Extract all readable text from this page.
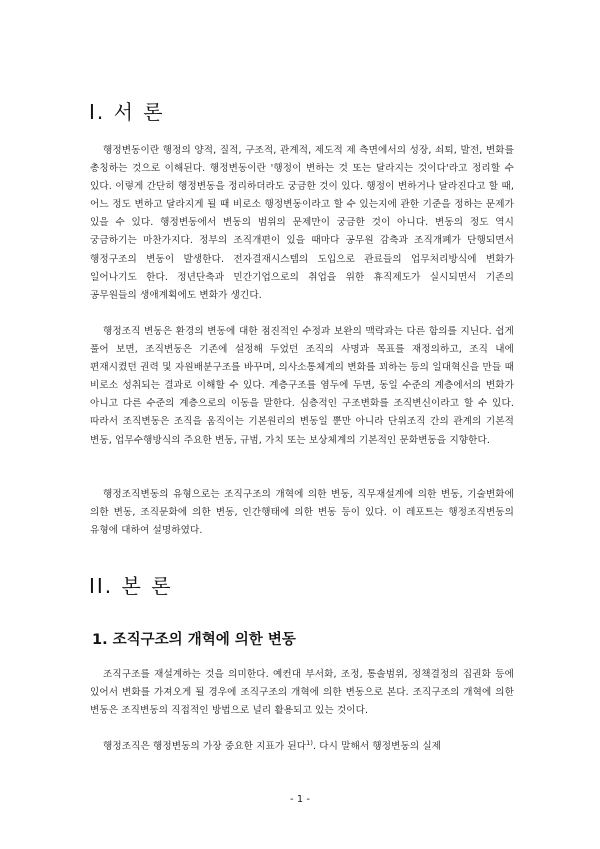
I. 서 론

행정변동이란 행정의 양적, 질적, 구조적, 관계적, 제도적 제 측면에서의 성장, 쇠퇴, 발전, 변화를 총칭하는 것으로 이해된다. 행정변동이란 '행정이 변하는 것 또는 달라지는 것이다'라고 정리할 수 있다. 이렇게 간단히 행정변동을 정리하더라도 궁금한 것이 있다. 행정이 변하거나 달라진다고 할 때, 어느 정도 변하고 달라지게 될 때 비로소 행정변동이라고 할 수 있는지에 관한 기준을 정하는 문제가 있을 수 있다. 행정변동에서 변동의 범위의 문제만이 궁금한 것이 아니다. 변동의 정도 역시 궁금하기는 마찬가지다. 정부의 조직개편이 있을 때마다 공무원 감축과 조직개폐가 단행되면서 행정구조의 변동이 발생한다. 전자결재시스템의 도입으로 관료들의 업무처리방식에 변화가 일어나기도 한다. 정년단축과 민간기업으로의 취업을 위한 휴직제도가 실시되면서 기존의 공무원들의 생애계획에도 변화가 생긴다.

행정조직 변동은 환경의 변동에 대한 점진적인 수정과 보완의 맥락과는 다른 함의를 지닌다. 쉽게 풀어 보면, 조직변동은 기존에 설정해 두었던 조직의 사명과 목표를 재정의하고, 조직 내에 편재시켰던 권력 및 자원배분구조를 바꾸며, 의사소통체계의 변화를 꾀하는 등의 일대혁신을 만들 때 비로소 성취되는 결과로 이해할 수 있다. 계층구조를 염두에 두면, 동일 수준의 계층에서의 변화가 아니고 다른 수준의 계층으로의 이동을 말한다. 심층적인 구조변화를 조직변신이라고 할 수 있다. 따라서 조직변동은 조직을 움직이는 기본원리의 변동일 뿐만 아니라 단위조직 간의 관계의 기본적 변동, 업무수행방식의 주요한 변동, 규범, 가치 또는 보상체계의 기본적인 문화변동을 지향한다.

행정조직변동의 유형으로는 조직구조의 개혁에 의한 변동, 직무재설계에 의한 변동, 기술변화에 의한 변동, 조직문화에 의한 변동, 인간행태에 의한 변동 등이 있다. 이 레포트는 행정조직변동의 유형에 대하여 설명하였다.

II. 본 론
1. 조직구조의 개혁에 의한 변동

조직구조를 재설계하는 것을 의미한다. 예컨대 부서화, 조정, 통솔범위, 정책결정의 집권화 등에 있어서 변화를 가져오게 될 경우에 조직구조의 개혁에 의한 변동으로 본다. 조직구조의 개혁에 의한 변동은 조직변동의 직접적인 방법으로 널리 활용되고 있는 것이다.

행정조직은 행정변동의 가장 중요한 지표가 된다$^{1)}$. 다시 말해서 행정변동의 실제

- 1 -
